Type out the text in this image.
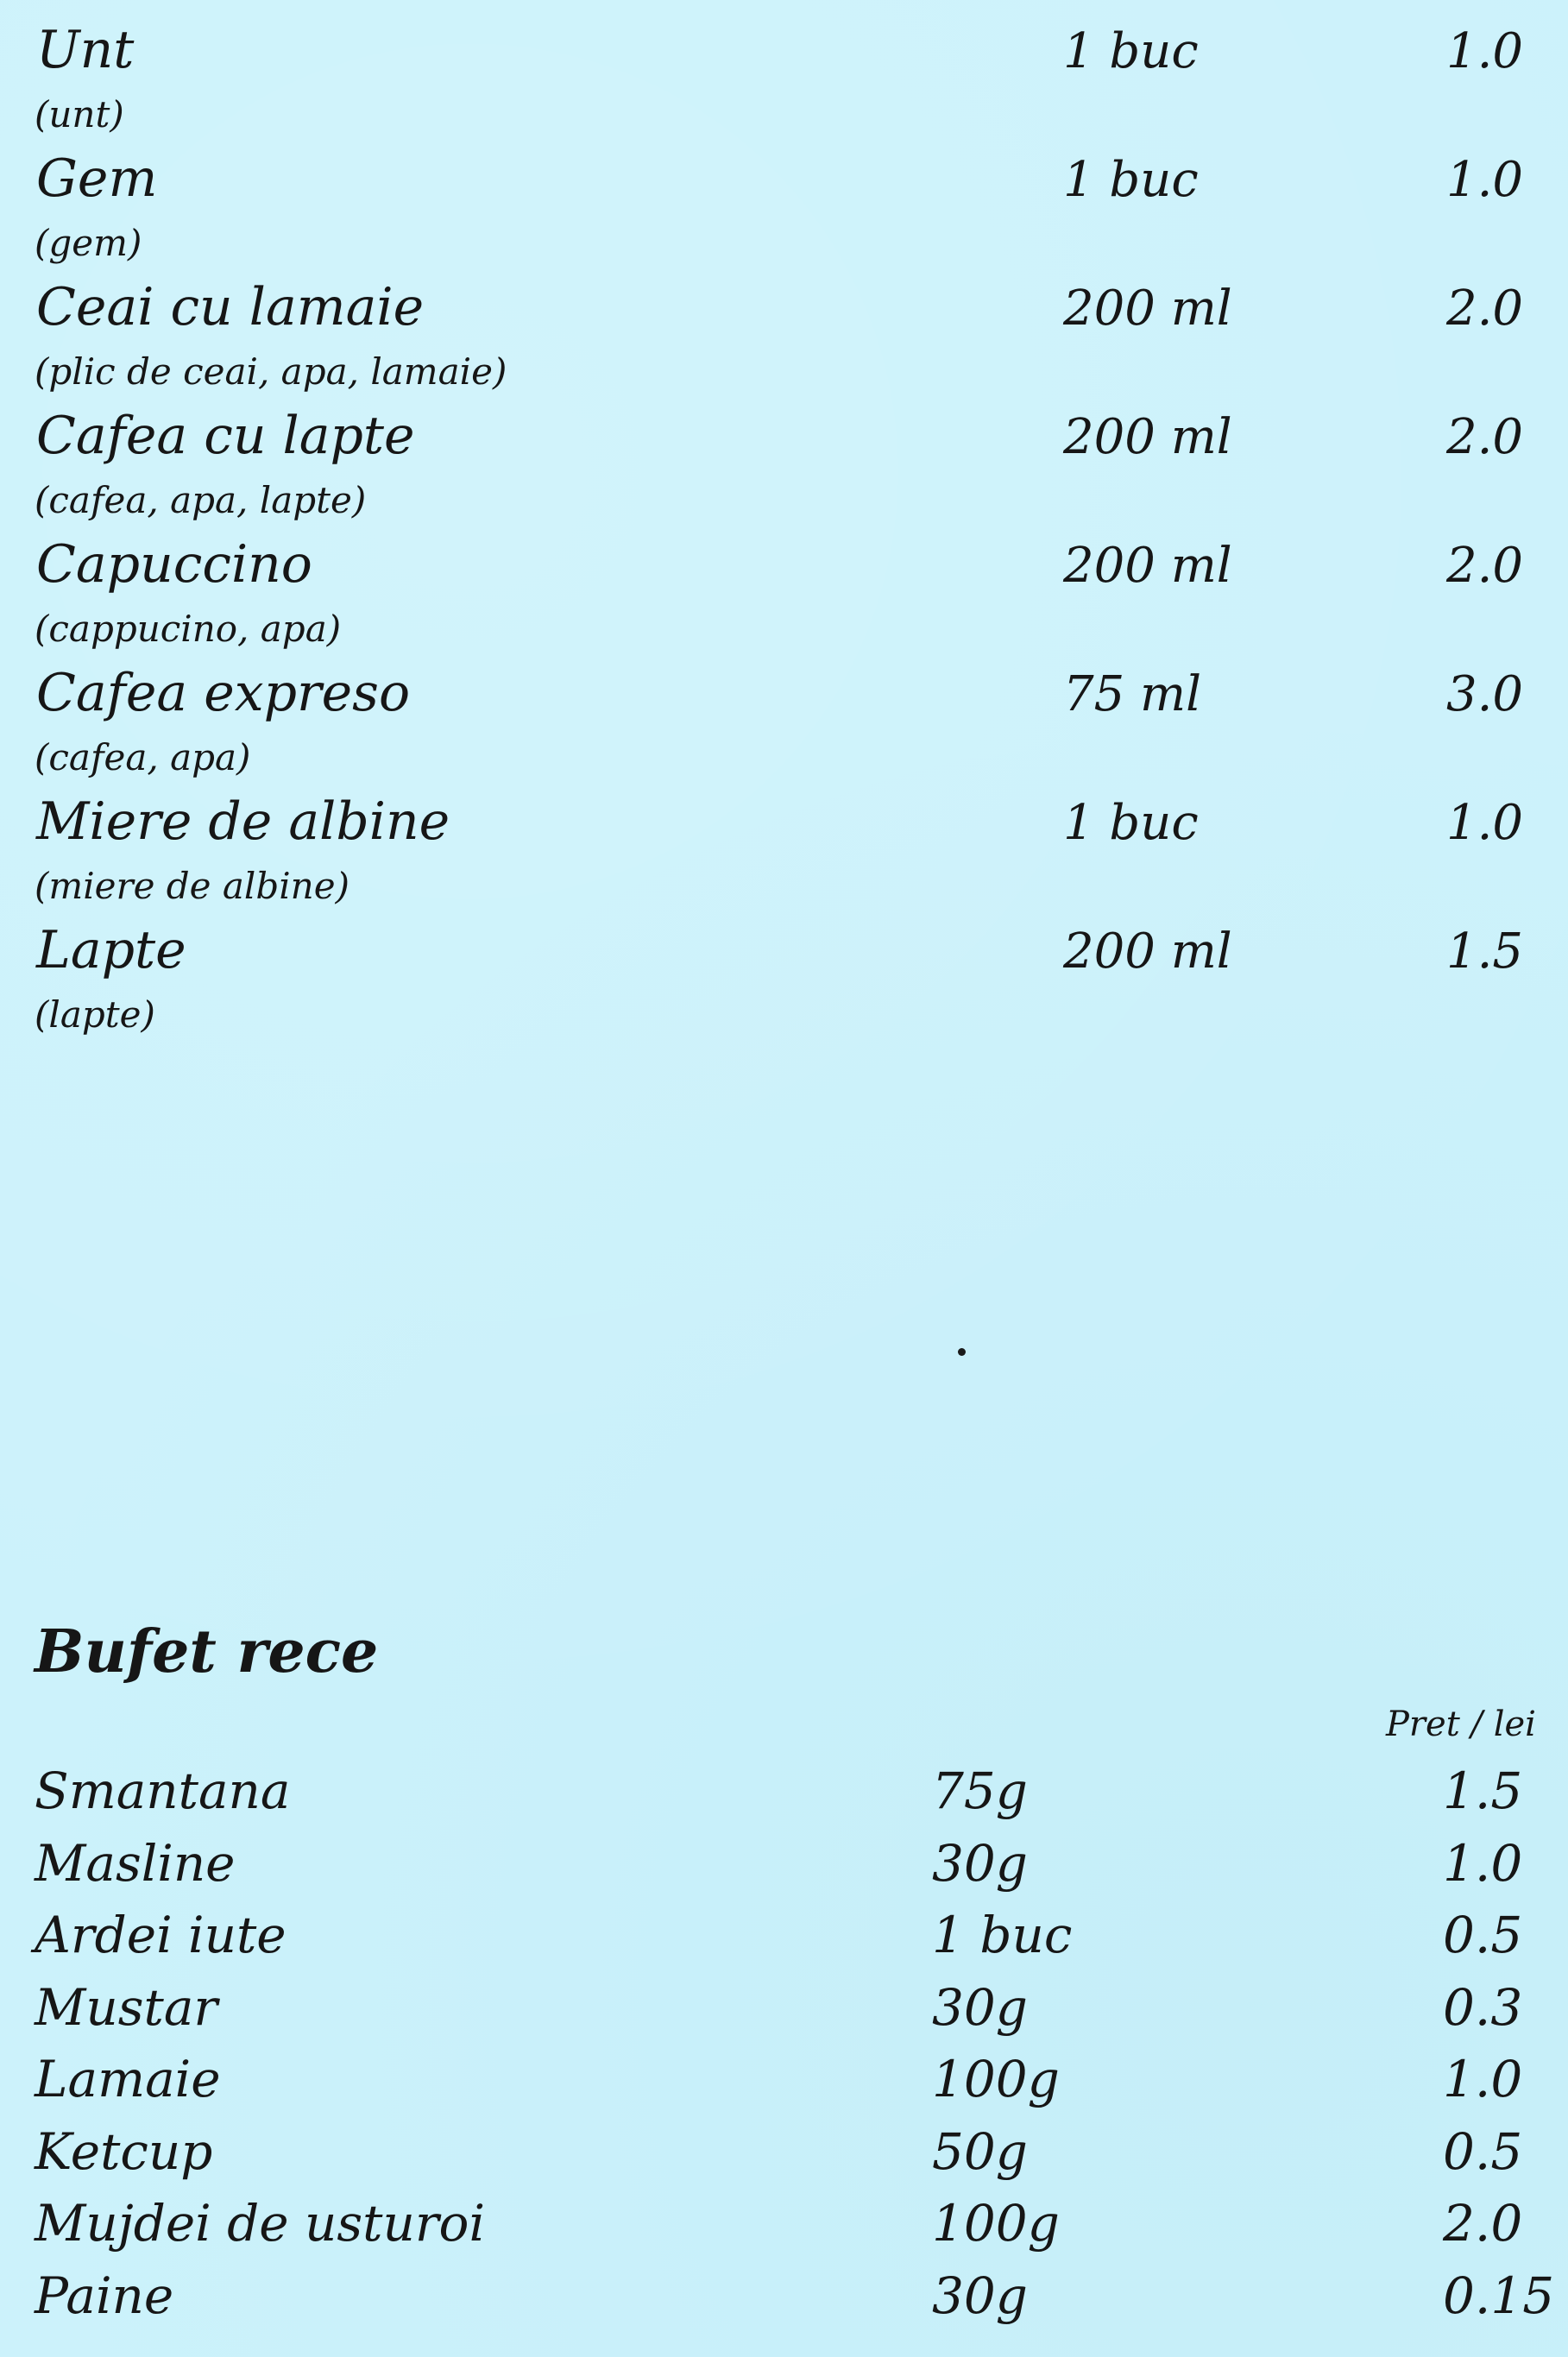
Unt	1 buc	1.0
(unt)
Gem	1 buc	1.0
(gem)
Ceai cu lamaie	200 ml	2.0
(plic de ceai, apa, lamaie)
Cafea cu lapte	200 ml	2.0
(cafea, apa, lapte)
Capuccino	200 ml	2.0
(cappucino, apa)
Cafea expreso	75 ml	3.0
(cafea, apa)
Miere de albine	1 buc	1.0
(miere de albine)
Lapte	200 ml	1.5
(lapte)
Bufet rece
Pret / lei
Smantana	75g	1.5
Masline	30g	1.0
Ardei iute	1 buc	0.5
Mustar	30g	0.3
Lamaie	100g	1.0
Ketcup	50g	0.5
Mujdei de usturoi	100g	2.0
Paine	30g	0.15
